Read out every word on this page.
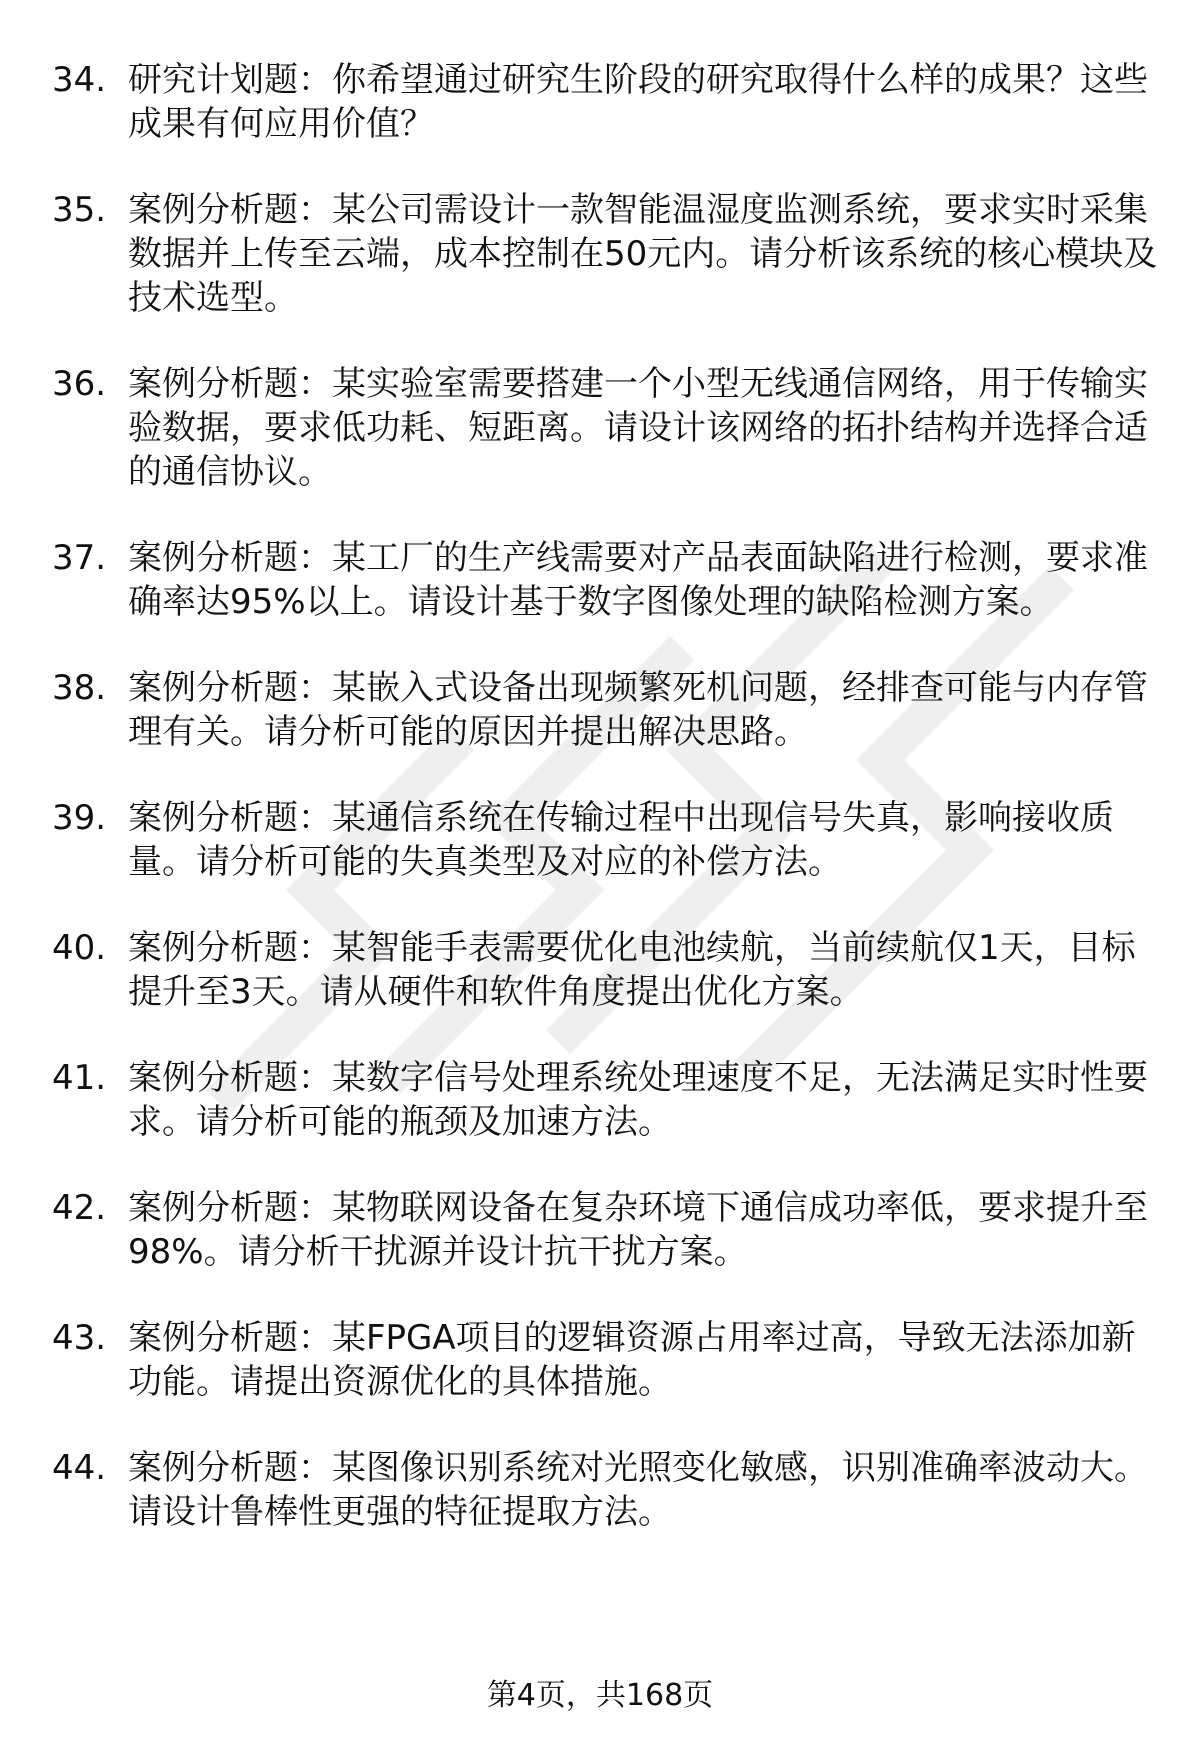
34. 研究计划题：你希望通过研究生阶段的研究取得什么样的成果？这些成果有何应用价值？
35. 案例分析题：某公司需设计一款智能温湿度监测系统，要求实时采集数据并上传至云端，成本控制在50元内。请分析该系统的核心模块及技术选型。
36. 案例分析题：某实验室需要搭建一个小型无线通信网络，用于传输实验数据，要求低功耗、短距离。请设计该网络的拓扑结构并选择合适的通信协议。
37. 案例分析题：某工厂的生产线需要对产品表面缺陷进行检测，要求准确率达95%以上。请设计基于数字图像处理的缺陷检测方案。
38. 案例分析题：某嵌入式设备出现频繁死机问题，经排查可能与内存管理有关。请分析可能的原因并提出解决思路。
39. 案例分析题：某通信系统在传输过程中出现信号失真，影响接收质量。请分析可能的失真类型及对应的补偿方法。
40. 案例分析题：某智能手表需要优化电池续航，当前续航仅1天，目标提升至3天。请从硬件和软件角度提出优化方案。
41. 案例分析题：某数字信号处理系统处理速度不足，无法满足实时性要求。请分析可能的瓶颈及加速方法。
42. 案例分析题：某物联网设备在复杂环境下通信成功率低，要求提升至98%。请分析干扰源并设计抗干扰方案。
43. 案例分析题：某FPGA项目的逻辑资源占用率过高，导致无法添加新功能。请提出资源优化的具体措施。
44. 案例分析题：某图像识别系统对光照变化敏感，识别准确率波动大。请设计鲁棒性更强的特征提取方法。
第4页，共168页
